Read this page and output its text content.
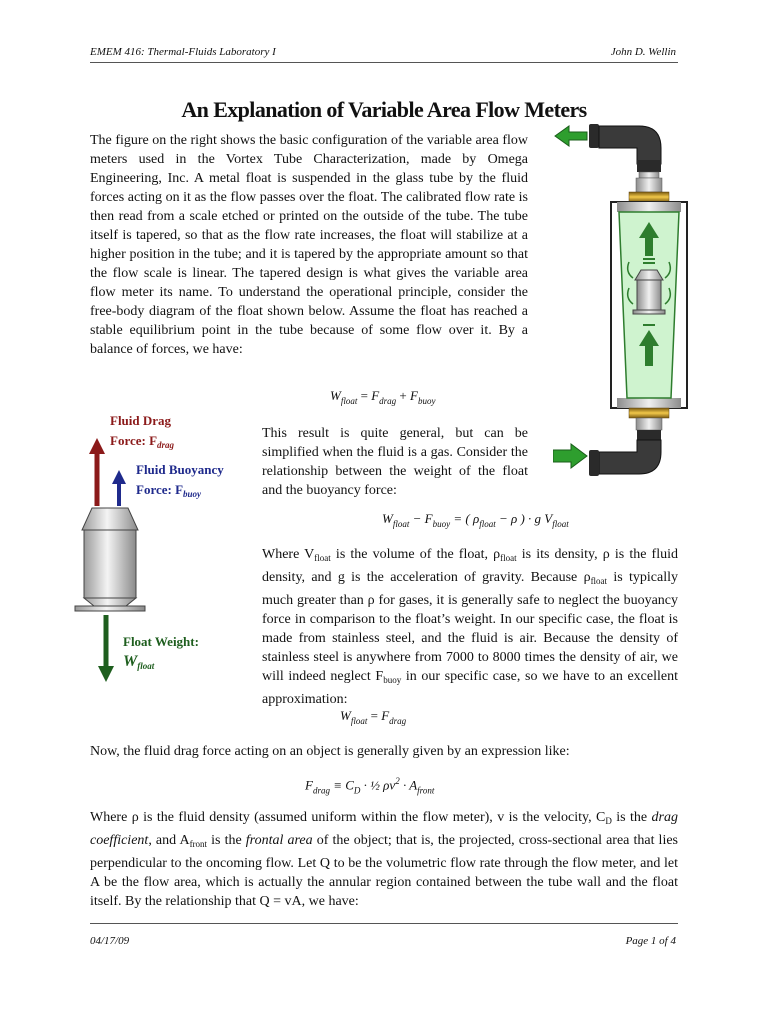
EMEM 416: Thermal-Fluids Laboratory I	John D. Wellin
An Explanation of Variable Area Flow Meters
The figure on the right shows the basic configuration of the variable area flow meters used in the Vortex Tube Characterization, made by Omega Engineering, Inc. A metal float is suspended in the glass tube by the fluid forces acting on it as the flow passes over the float. The calibrated flow rate is then read from a scale etched or printed on the outside of the tube. The tube itself is tapered, so that as the flow rate increases, the float will stabilize at a higher position in the tube; and it is tapered by the appropriate amount so that the flow scale is linear. The tapered design is what gives the variable area flow meter its name. To understand the operational principle, consider the free-body diagram of the float shown below. Assume the float has reached a stable equilibrium point in the tube because of some flow over it. By a balance of forces, we have:
$W_{float} = F_{drag} + F_{buoy}$
This result is quite general, but can be simplified when the fluid is a gas. Consider the relationship between the weight of the float and the buoyancy force:
$W_{float} - F_{buoy}$ = ( $\rho_{float} - \rho$ ) · g $V_{float}$
Where $V_{float}$ is the volume of the float, $\rho_{float}$ is its density, ρ is the fluid density, and g is the acceleration of gravity. Because $\rho_{float}$ is typically much greater than ρ for gases, it is generally safe to neglect the buoyancy force in comparison to the float’s weight. In our specific case, the float is made from stainless steel, and the fluid is air. Because the density of stainless steel is anywhere from 7000 to 8000 times the density of air, we will indeed neglect $F_{buoy}$ in our specific case, so we have to an excellent approximation:
$W_{float} = F_{drag}$
Now, the fluid drag force acting on an object is generally given by an expression like:
$F_{drag} \equiv C_D$ · ½ $\rho v^2 \cdot A_{front}$
Where ρ is the fluid density (assumed uniform within the flow meter), v is the velocity, $C_D$ is the drag coefficient, and $A_{front}$ is the frontal area of the object; that is, the projected, cross-sectional area that lies perpendicular to the oncoming flow. Let Q to be the volumetric flow rate through the flow meter, and let A be the flow area, which is actually the annular region contained between the tube wall and the float itself. By the relationship that Q = vA, we have:
04/17/09	Page 1 of 4
Fluid Drag
Force: $F_{drag}$
Fluid Buoyancy
Force: $F_{buoy}$
Float Weight:
$W_{float}$
